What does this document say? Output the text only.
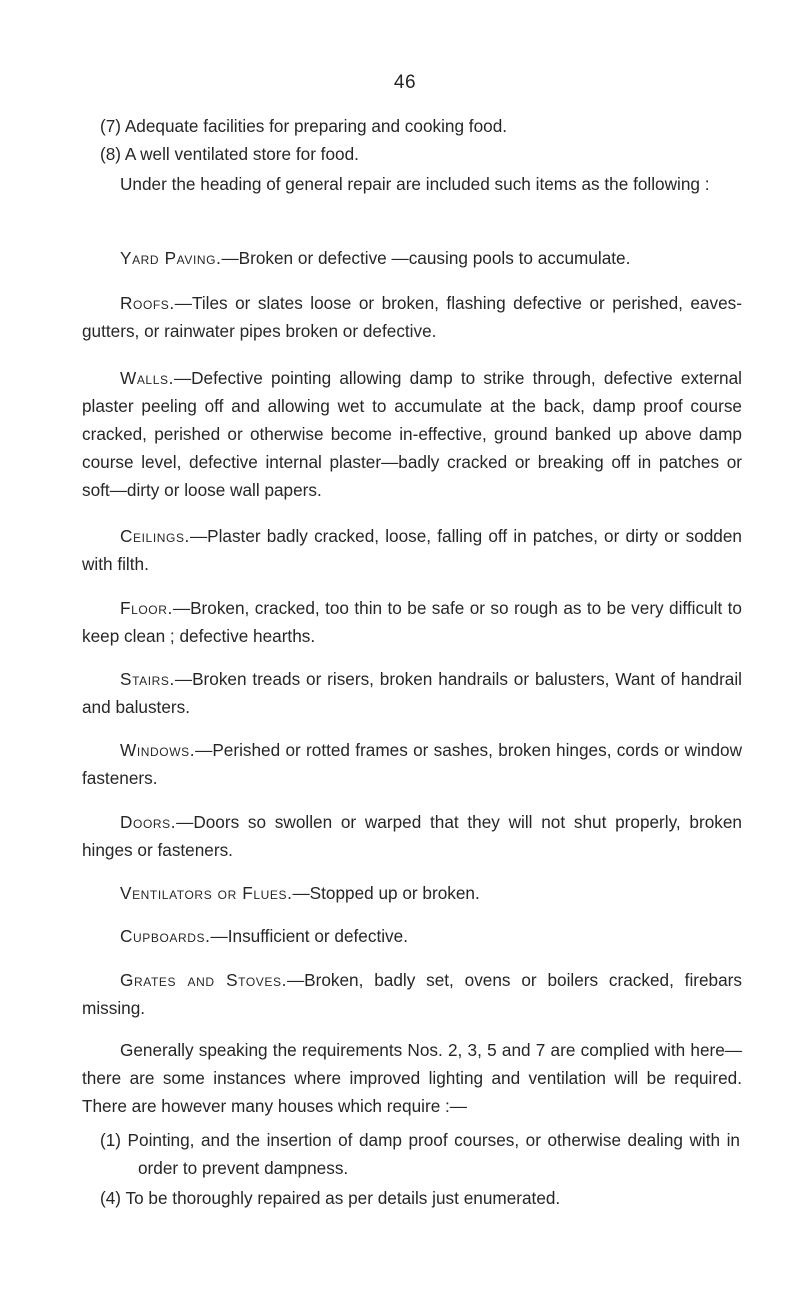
46

(7) Adequate facilities for preparing and cooking food.

(8) A well ventilated store for food.

Under the heading of general repair are included such items as the following :

Yard Paving.—Broken or defective —causing pools to accumulate.

Roofs.—Tiles or slates loose or broken, flashing defective or perished, eaves-gutters, or rainwater pipes broken or defective.

Walls.—Defective pointing allowing damp to strike through, defective external plaster peeling off and allowing wet to accumulate at the back, damp proof course cracked, perished or otherwise become in-effective, ground banked up above damp course level, defective internal plaster—badly cracked or breaking off in patches or soft—dirty or loose wall papers.

Ceilings.—Plaster badly cracked, loose, falling off in patches, or dirty or sodden with filth.

Floor.—Broken, cracked, too thin to be safe or so rough as to be very difficult to keep clean ; defective hearths.

Stairs.—Broken treads or risers, broken handrails or balusters, Want of handrail and balusters.

Windows.—Perished or rotted frames or sashes, broken hinges, cords or window fasteners.

Doors.—Doors so swollen or warped that they will not shut properly, broken hinges or fasteners.

Ventilators or Flues.—Stopped up or broken.

Cupboards.—Insufficient or defective.

Grates and Stoves.—Broken, badly set, ovens or boilers cracked, firebars missing.

Generally speaking the requirements Nos. 2, 3, 5 and 7 are complied with here—there are some instances where improved lighting and ventilation will be required. There are however many houses which require :—

(1) Pointing, and the insertion of damp proof courses, or otherwise dealing with in order to prevent dampness.

(4) To be thoroughly repaired as per details just enumerated.
